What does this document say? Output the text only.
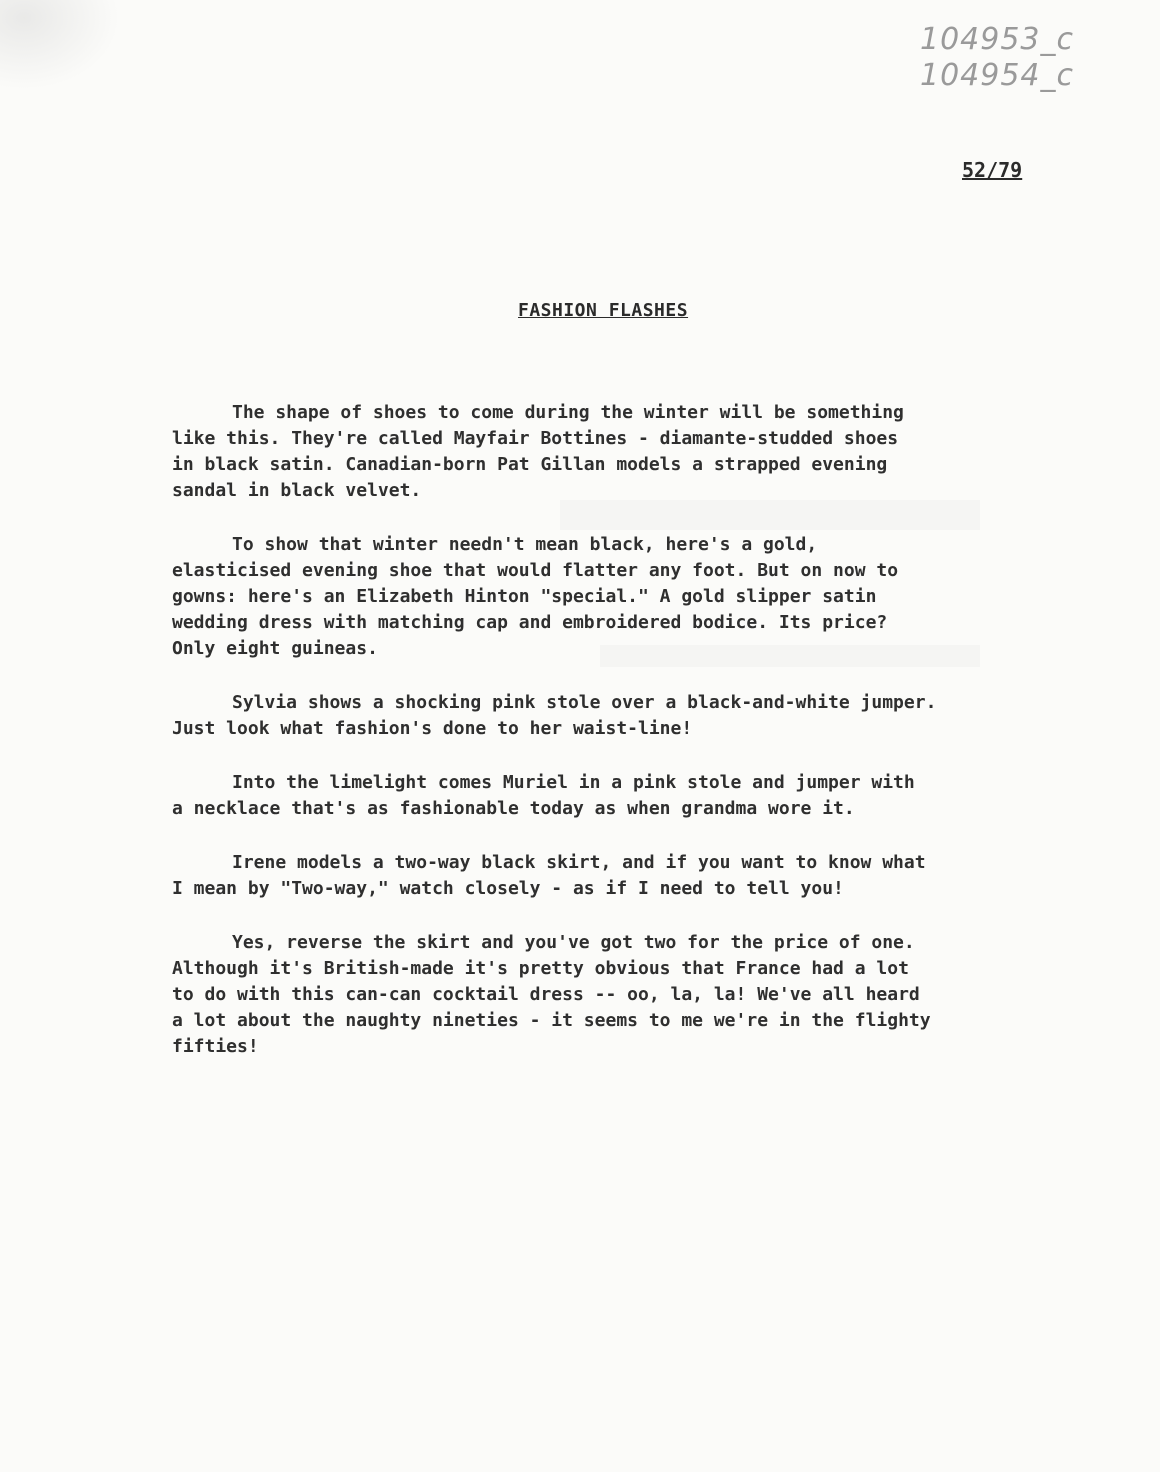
104953_c
104954_c
52/79
FASHION FLASHES
The shape of shoes to come during the winter will be something
like this. They're called Mayfair Bottines - diamante-studded shoes
in black satin. Canadian-born Pat Gillan models a strapped evening
sandal in black velvet.
To show that winter needn't mean black, here's a gold,
elasticised evening shoe that would flatter any foot. But on now to
gowns: here's an Elizabeth Hinton "special." A gold slipper satin
wedding dress with matching cap and embroidered bodice. Its price?
Only eight guineas.
Sylvia shows a shocking pink stole over a black-and-white jumper.
Just look what fashion's done to her waist-line!
Into the limelight comes Muriel in a pink stole and jumper with
a necklace that's as fashionable today as when grandma wore it.
Irene models a two-way black skirt, and if you want to know what
I mean by "Two-way," watch closely - as if I need to tell you!
Yes, reverse the skirt and you've got two for the price of one.
Although it's British-made it's pretty obvious that France had a lot
to do with this can-can cocktail dress -- oo, la, la! We've all heard
a lot about the naughty nineties - it seems to me we're in the flighty
fifties!
